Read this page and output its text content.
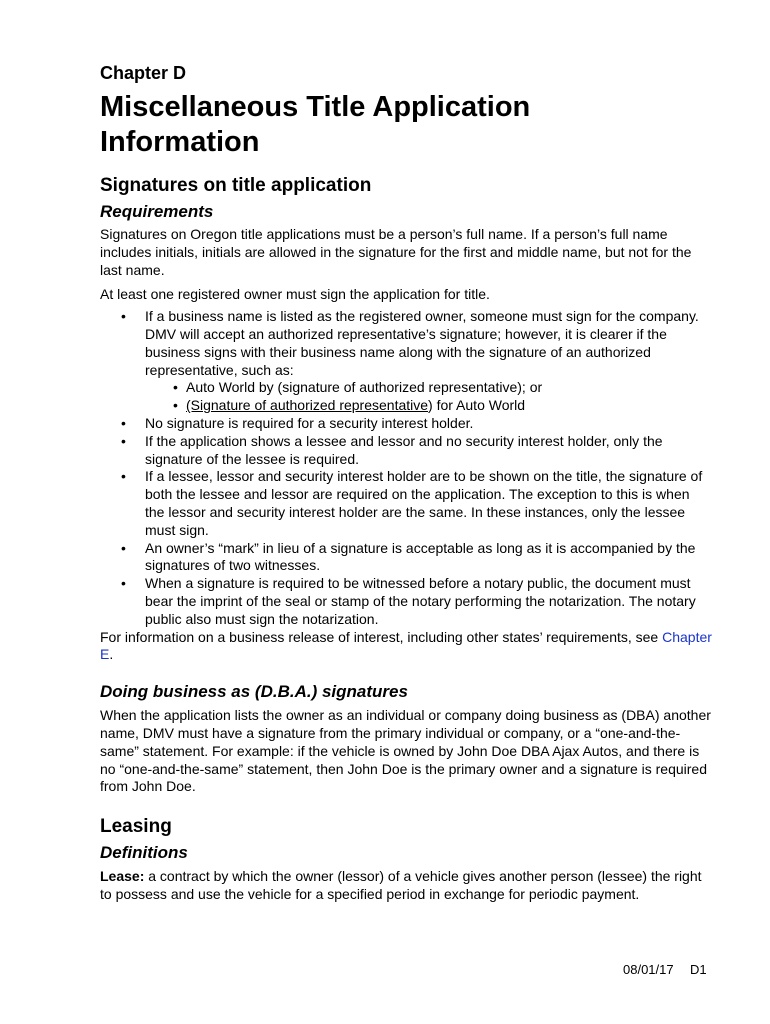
Chapter D
Miscellaneous Title Application
Information
Signatures on title application
Requirements

Signatures on Oregon title applications must be a person’s full name. If a person’s full name includes initials, initials are allowed in the signature for the first and middle name, but not for the last name.

At least one registered owner must sign the application for title.

• If a business name is listed as the registered owner, someone must sign for the company. DMV will accept an authorized representative’s signature; however, it is clearer if the business signs with their business name along with the signature of an authorized representative, such as:
• Auto World by (signature of authorized representative); or
• (Signature of authorized representative) for Auto World
• No signature is required for a security interest holder.
• If the application shows a lessee and lessor and no security interest holder, only the signature of the lessee is required.
• If a lessee, lessor and security interest holder are to be shown on the title, the signature of both the lessee and lessor are required on the application. The exception to this is when the lessor and security interest holder are the same. In these instances, only the lessee must sign.
• An owner’s “mark” in lieu of a signature is acceptable as long as it is accompanied by the signatures of two witnesses.
• When a signature is required to be witnessed before a notary public, the document must bear the imprint of the seal or stamp of the notary performing the notarization. The notary public also must sign the notarization.

For information on a business release of interest, including other states’ requirements, see Chapter E.

Doing business as (D.B.A.) signatures

When the application lists the owner as an individual or company doing business as (DBA) another name, DMV must have a signature from the primary individual or company, or a “one-and-the-same” statement. For example: if the vehicle is owned by John Doe DBA Ajax Autos, and there is no “one-and-the-same” statement, then John Doe is the primary owner and a signature is required from John Doe.

Leasing
Definitions

Lease: a contract by which the owner (lessor) of a vehicle gives another person (lessee) the right to possess and use the vehicle for a specified period in exchange for periodic payment.

08/01/17 D1
